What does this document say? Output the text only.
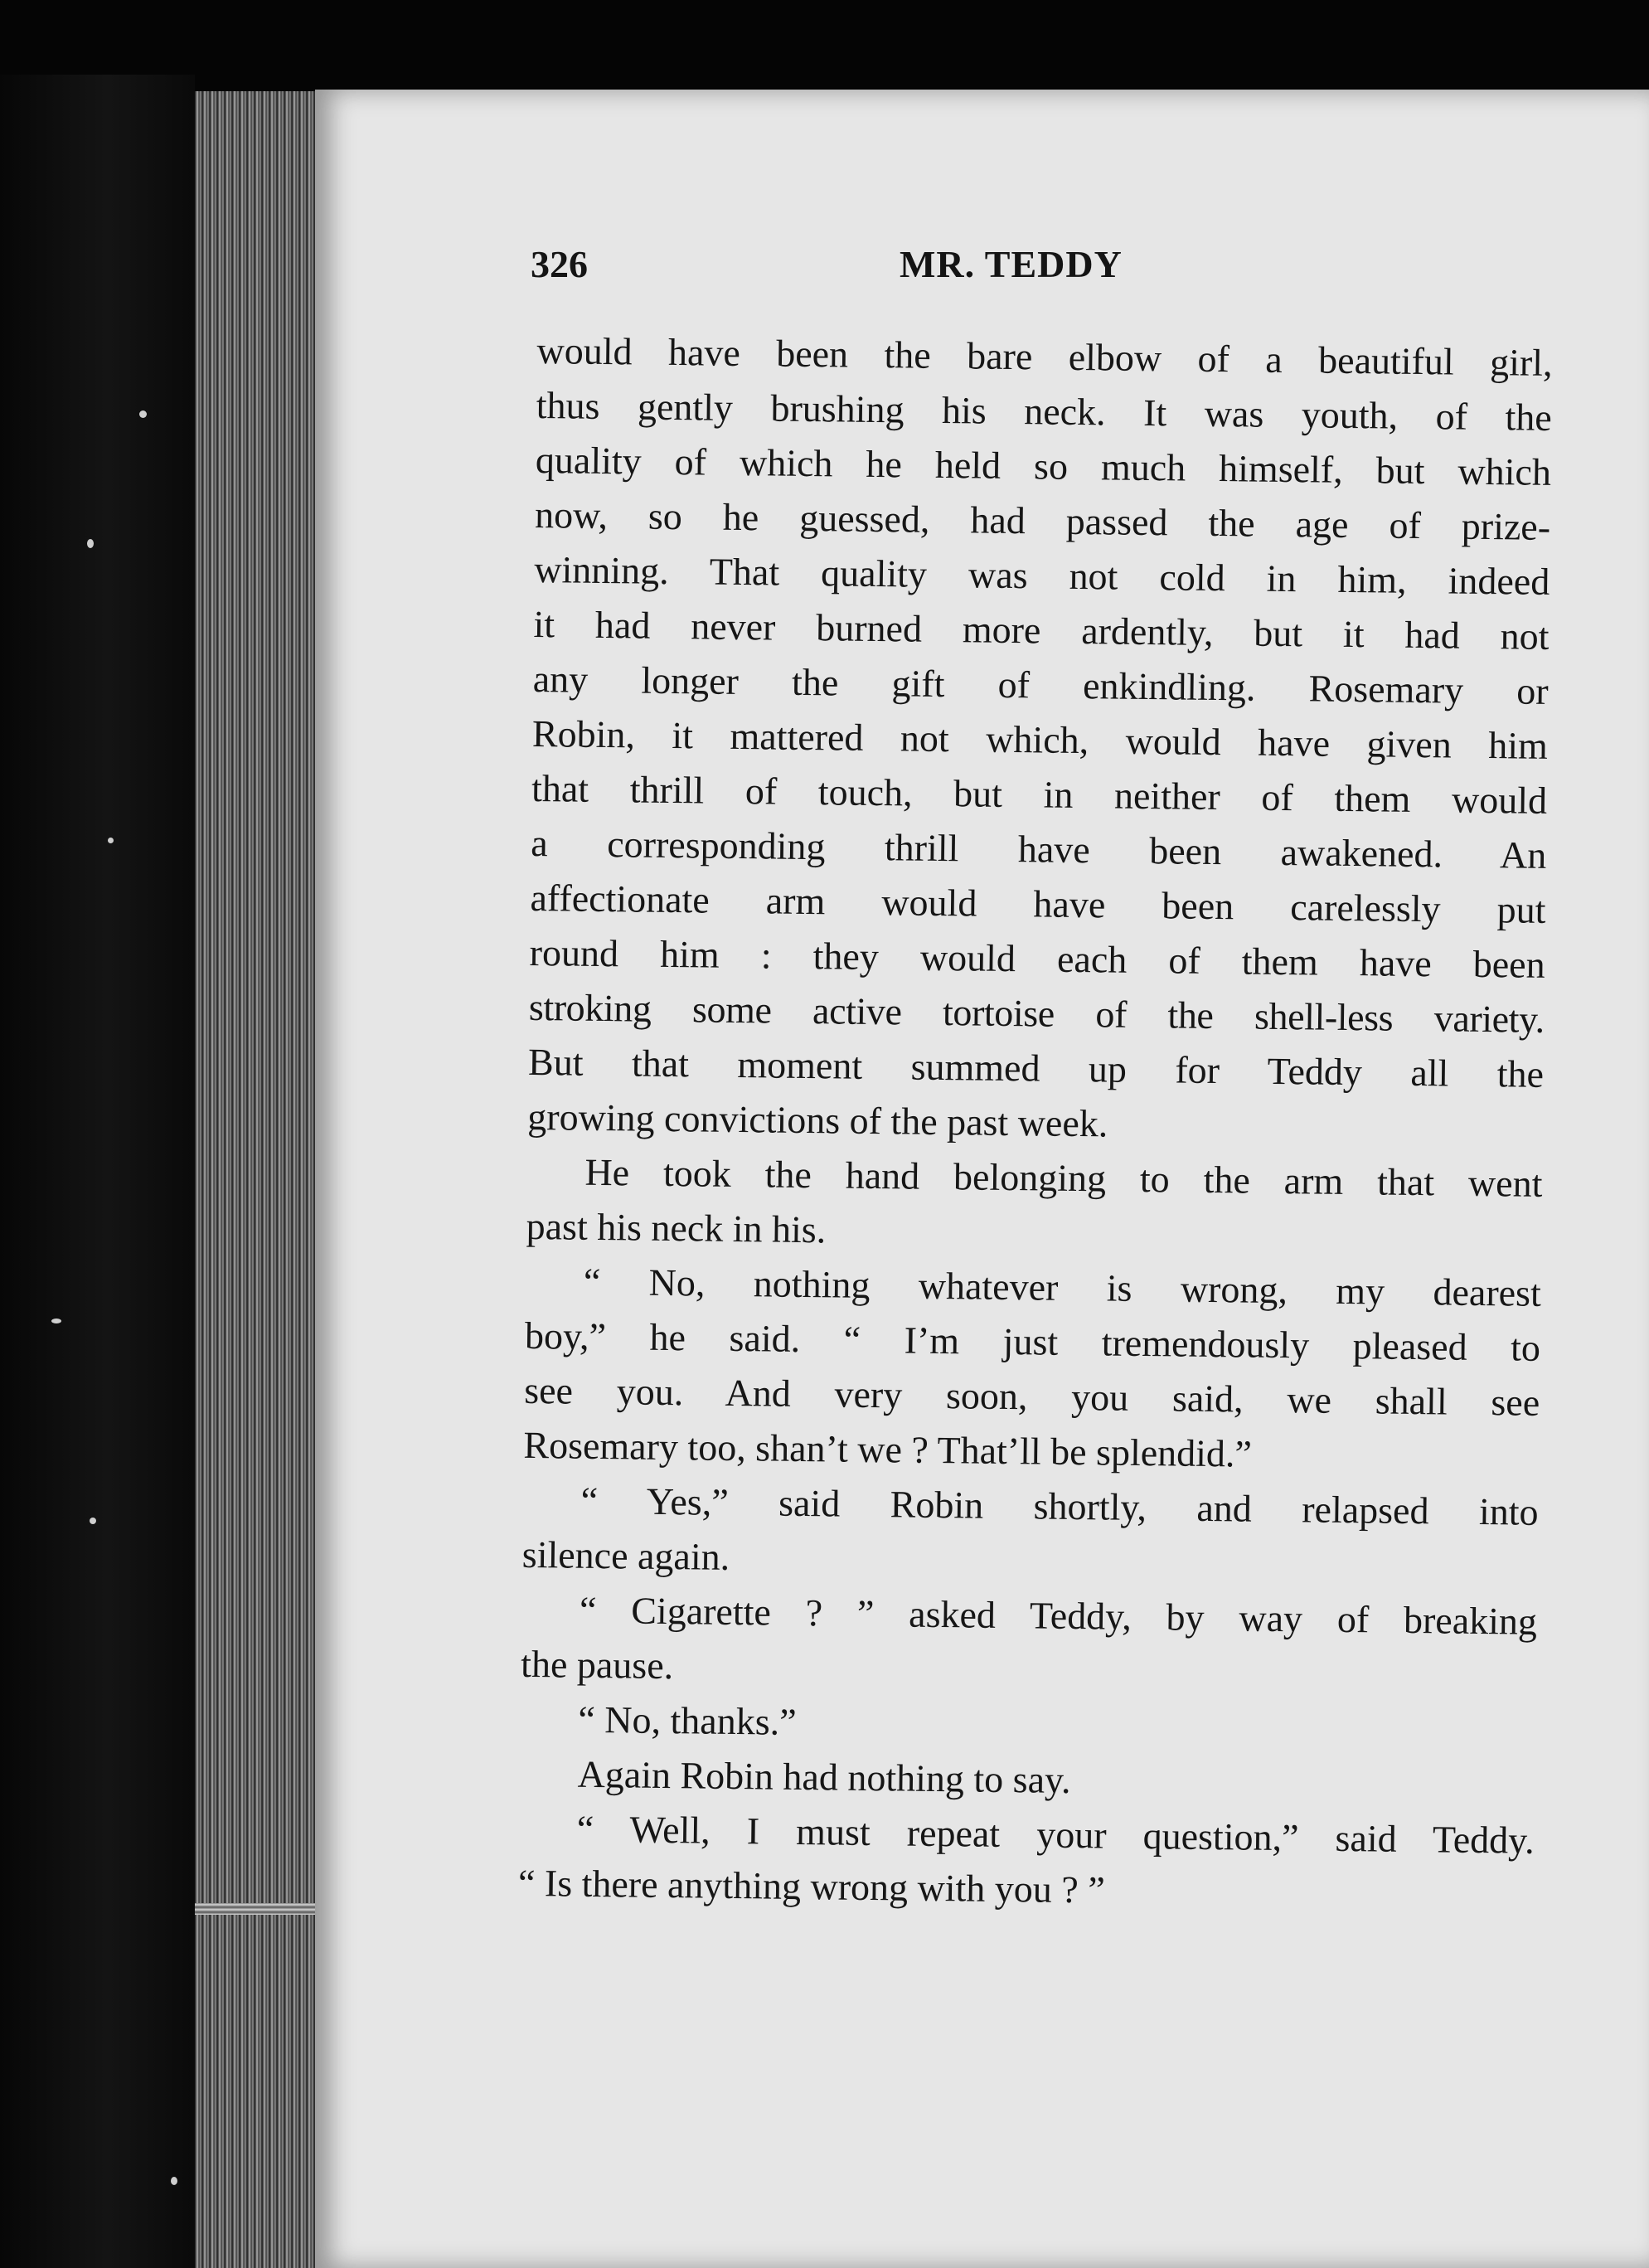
326	MR. TEDDY
would have been the bare elbow of a beautiful girl,
thus gently brushing his neck. It was youth, of the
quality of which he held so much himself, but which
now, so he guessed, had passed the age of prize-
winning. That quality was not cold in him, indeed
it had never burned more ardently, but it had not
any longer the gift of enkindling. Rosemary or
Robin, it mattered not which, would have given him
that thrill of touch, but in neither of them would
a corresponding thrill have been awakened. An
affectionate arm would have been carelessly put
round him : they would each of them have been
stroking some active tortoise of the shell-less variety.
But that moment summed up for Teddy all the
growing convictions of the past week.
He took the hand belonging to the arm that went
past his neck in his.
“ No, nothing whatever is wrong, my dearest
boy,” he said. “ I’m just tremendously pleased to
see you. And very soon, you said, we shall see
Rosemary too, shan’t we ? That’ll be splendid.”
“ Yes,” said Robin shortly, and relapsed into
silence again.
“ Cigarette ? ” asked Teddy, by way of breaking
the pause.
“ No, thanks.”
Again Robin had nothing to say.
“ Well, I must repeat your question,” said Teddy.
“ Is there anything wrong with you ? ”
